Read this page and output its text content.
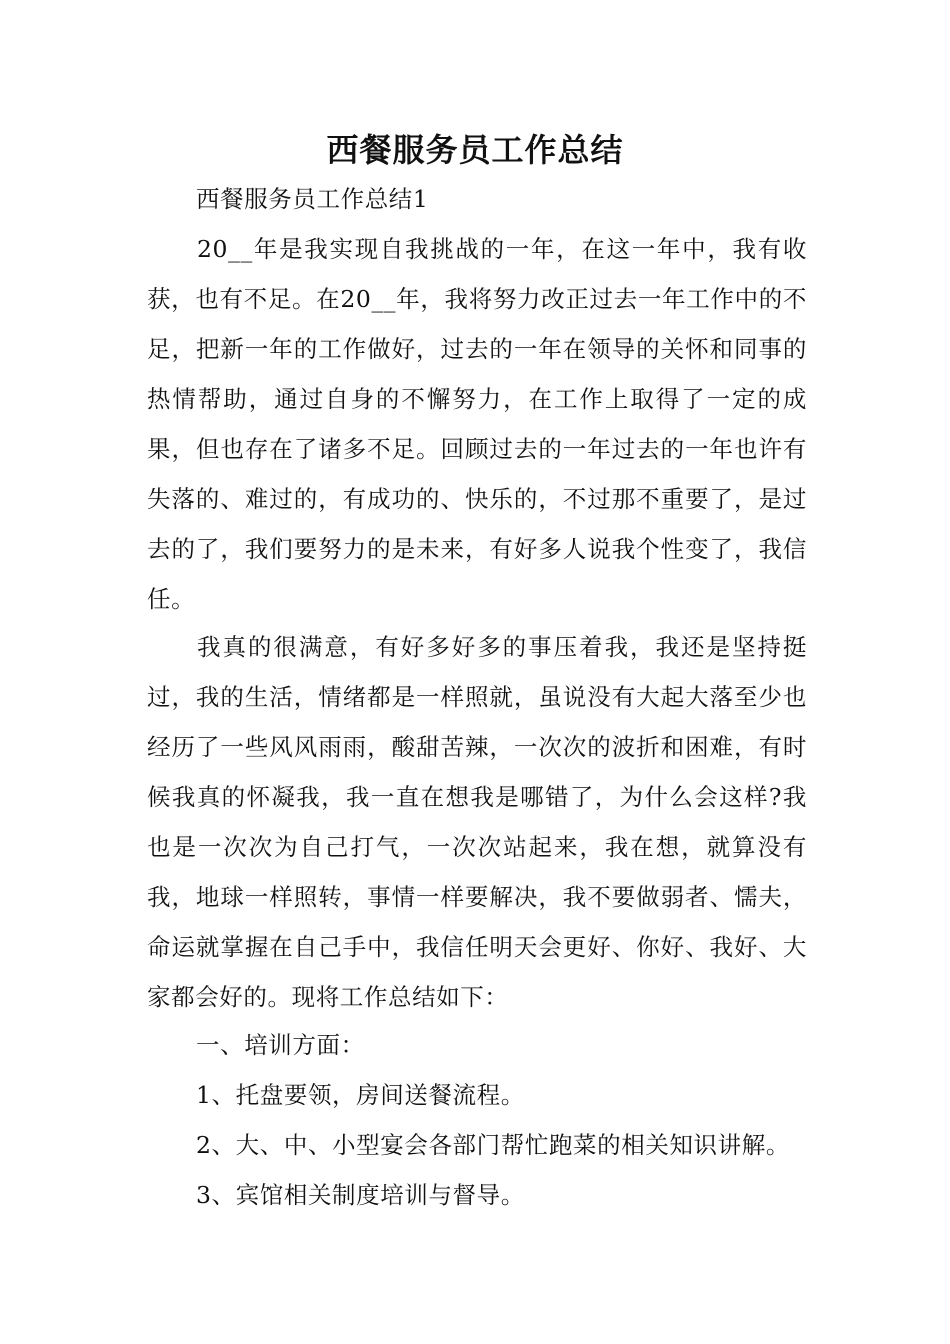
西餐服务员工作总结

西餐服务员工作总结1

20__年是我实现自我挑战的一年，在这一年中，我有收获，也有不足。在20__年，我将努力改正过去一年工作中的不足，把新一年的工作做好，过去的一年在领导的关怀和同事的热情帮助，通过自身的不懈努力，在工作上取得了一定的成果，但也存在了诸多不足。回顾过去的一年过去的一年也许有失落的、难过的，有成功的、快乐的，不过那不重要了，是过去的了，我们要努力的是未来，有好多人说我个性变了，我信任。

我真的很满意，有好多好多的事压着我，我还是坚持挺过，我的生活，情绪都是一样照就，虽说没有大起大落至少也经历了一些风风雨雨，酸甜苦辣，一次次的波折和困难，有时候我真的怀凝我，我一直在想我是哪错了，为什么会这样?我也是一次次为自己打气，一次次站起来，我在想，就算没有我，地球一样照转，事情一样要解决，我不要做弱者、懦夫，命运就掌握在自己手中，我信任明天会更好、你好、我好、大家都会好的。现将工作总结如下：

一、培训方面：

1、托盘要领，房间送餐流程。

2、大、中、小型宴会各部门帮忙跑菜的相关知识讲解。

3、宾馆相关制度培训与督导。
